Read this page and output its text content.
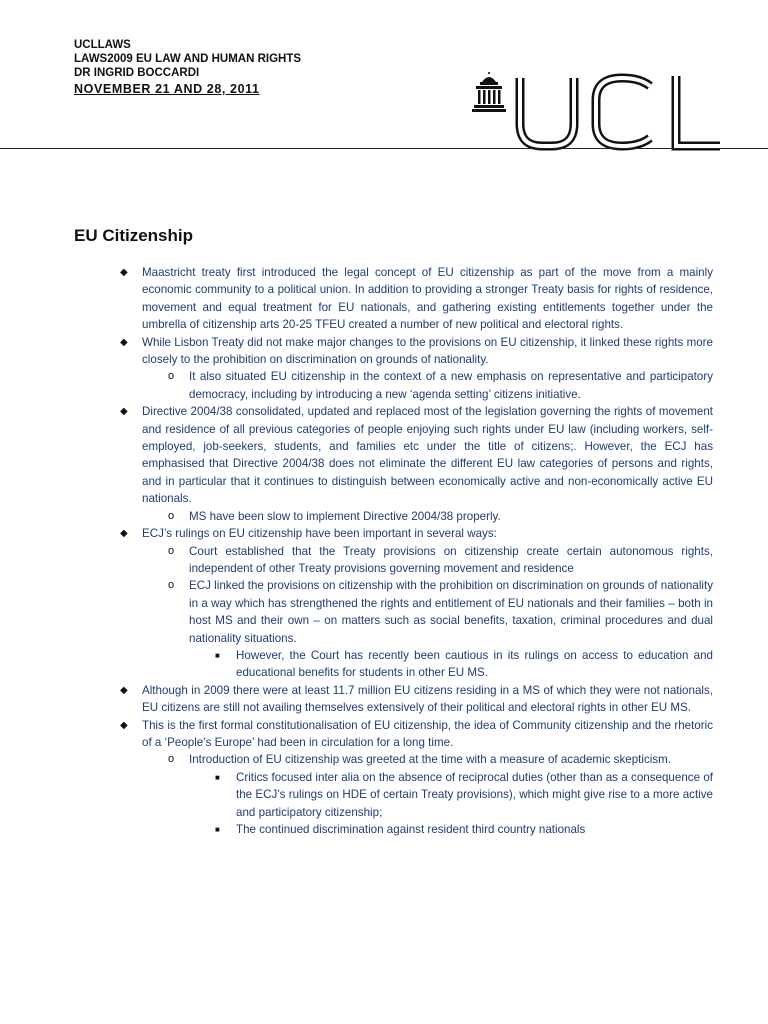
UCLLAWS
LAWS2009 EU LAW AND HUMAN RIGHTS
DR INGRID BOCCARDI
NOVEMBER 21 AND 28, 2011
EU Citizenship
◆ Maastricht treaty first introduced the legal concept of EU citizenship as part of the move from a mainly economic community to a political union. In addition to providing a stronger Treaty basis for rights of residence, movement and equal treatment for EU nationals, and gathering existing entitlements together under the umbrella of citizenship arts 20-25 TFEU created a number of new political and electoral rights.
◆ While Lisbon Treaty did not make major changes to the provisions on EU citizenship, it linked these rights more closely to the prohibition on discrimination on grounds of nationality.
o It also situated EU citizenship in the context of a new emphasis on representative and participatory democracy, including by introducing a new ‘agenda setting’ citizens initiative.
◆ Directive 2004/38 consolidated, updated and replaced most of the legislation governing the rights of movement and residence of all previous categories of people enjoying such rights under EU law (including workers, self-employed, job-seekers, students, and families etc under the title of citizens;. However, the ECJ has emphasised that Directive 2004/38 does not eliminate the different EU law categories of persons and rights, and in particular that it continues to distinguish between economically active and non-economically active EU nationals.
o MS have been slow to implement Directive 2004/38 properly.
◆ ECJ’s rulings on EU citizenship have been important in several ways:
o Court established that the Treaty provisions on citizenship create certain autonomous rights, independent of other Treaty provisions governing movement and residence
o ECJ linked the provisions on citizenship with the prohibition on discrimination on grounds of nationality in a way which has strengthened the rights and entitlement of EU nationals and their families – both in host MS and their own – on matters such as social benefits, taxation, criminal procedures and dual nationality situations.
■ However, the Court has recently been cautious in its rulings on access to education and educational benefits for students in other EU MS.
◆ Although in 2009 there were at least 11.7 million EU citizens residing in a MS of which they were not nationals, EU citizens are still not availing themselves extensively of their political and electoral rights in other EU MS.
◆ This is the first formal constitutionalisation of EU citizenship, the idea of Community citizenship and the rhetoric of a ‘People’s Europe’ had been in circulation for a long time.
o Introduction of EU citizenship was greeted at the time with a measure of academic skepticism.
■ Critics focused inter alia on the absence of reciprocal duties (other than as a consequence of the ECJ’s rulings on HDE of certain Treaty provisions), which might give rise to a more active and participatory citizenship;
■ The continued discrimination against resident third country nationals
